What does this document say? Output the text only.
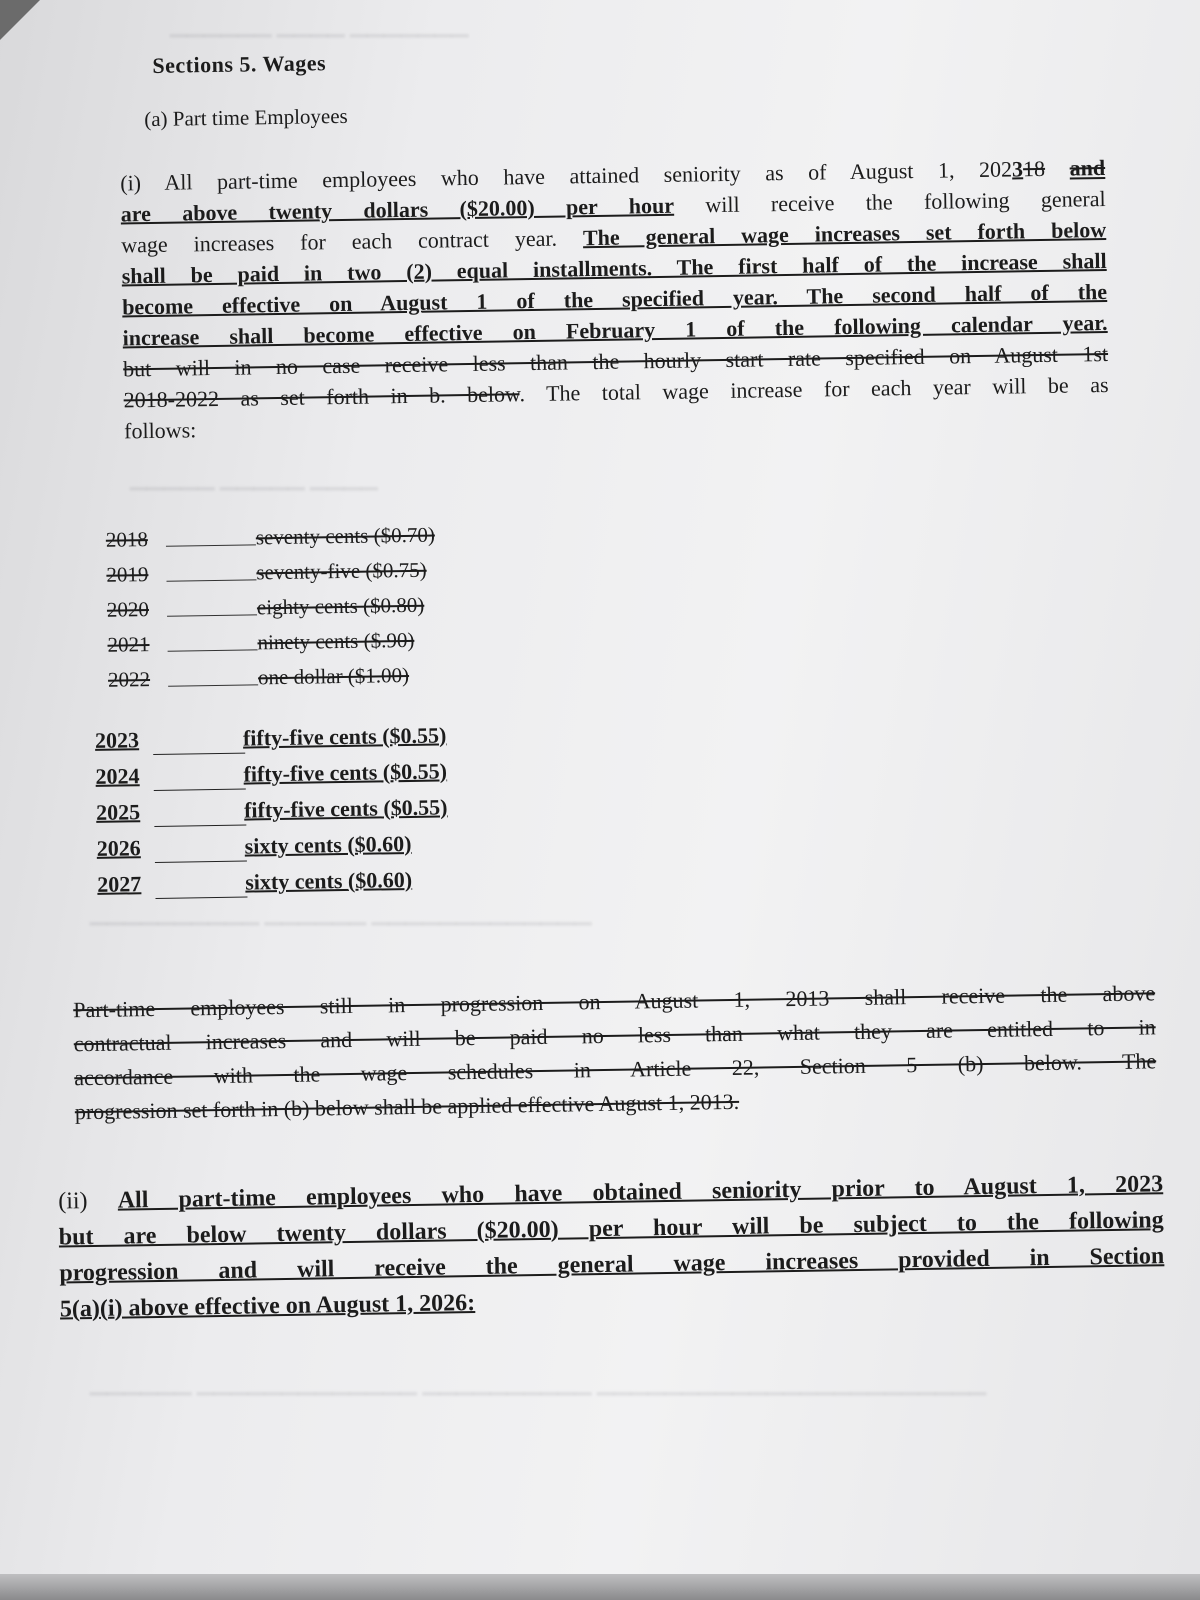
▁▁▁▁▁▁ ▁▁▁▁ ▁▁▁▁▁▁▁
▁▁▁▁▁ ▁▁▁▁▁ ▁▁▁▁
▁▁▁▁▁▁▁▁▁▁ ▁▁▁▁▁▁ ▁▁▁▁▁▁▁▁▁▁▁▁▁
▁▁▁▁▁▁ ▁▁▁▁▁▁▁▁▁▁▁▁▁ ▁▁▁▁▁▁▁▁▁▁ ▁▁▁▁▁▁▁▁▁▁▁▁▁▁▁▁▁▁▁▁▁▁▁
Sections 5. Wages
(a) Part time Employees
(i) All part-time employees who have attained seniority as of August 1, 202318 and
are above twenty dollars ($20.00) per hour will receive the following general
wage increases for each contract year. The general wage increases set forth below
shall be paid in two (2) equal installments. The first half of the increase shall
become effective on August 1 of the specified year. The second half of the
increase shall become effective on February 1 of the following calendar year.
but will in no case receive less than the hourly start rate specified on August 1st
2018-2022 as set forth in b. below. The total wage increase for each year will be as
follows:
2018	seventy cents ($0.70)
2019	seventy-five ($0.75)
2020	eighty cents ($0.80)
2021	ninety cents ($.90)
2022	one dollar ($1.00)
2023	fifty-five cents ($0.55)
2024	fifty-five cents ($0.55)
2025	fifty-five cents ($0.55)
2026	sixty cents ($0.60)
2027	sixty cents ($0.60)
Part-time employees still in progression on August 1, 2013 shall receive the above
contractual increases and will be paid no less than what they are entitled to in
accordance with the wage schedules in Article 22, Section 5 (b) below. The
progression set forth in (b) below shall be applied effective August 1, 2013.
(ii) All part-time employees who have obtained seniority prior to August 1, 2023
but are below twenty dollars ($20.00) per hour will be subject to the following
progression and will receive the general wage increases provided in Section
5(a)(i) above effective on August 1, 2026:
